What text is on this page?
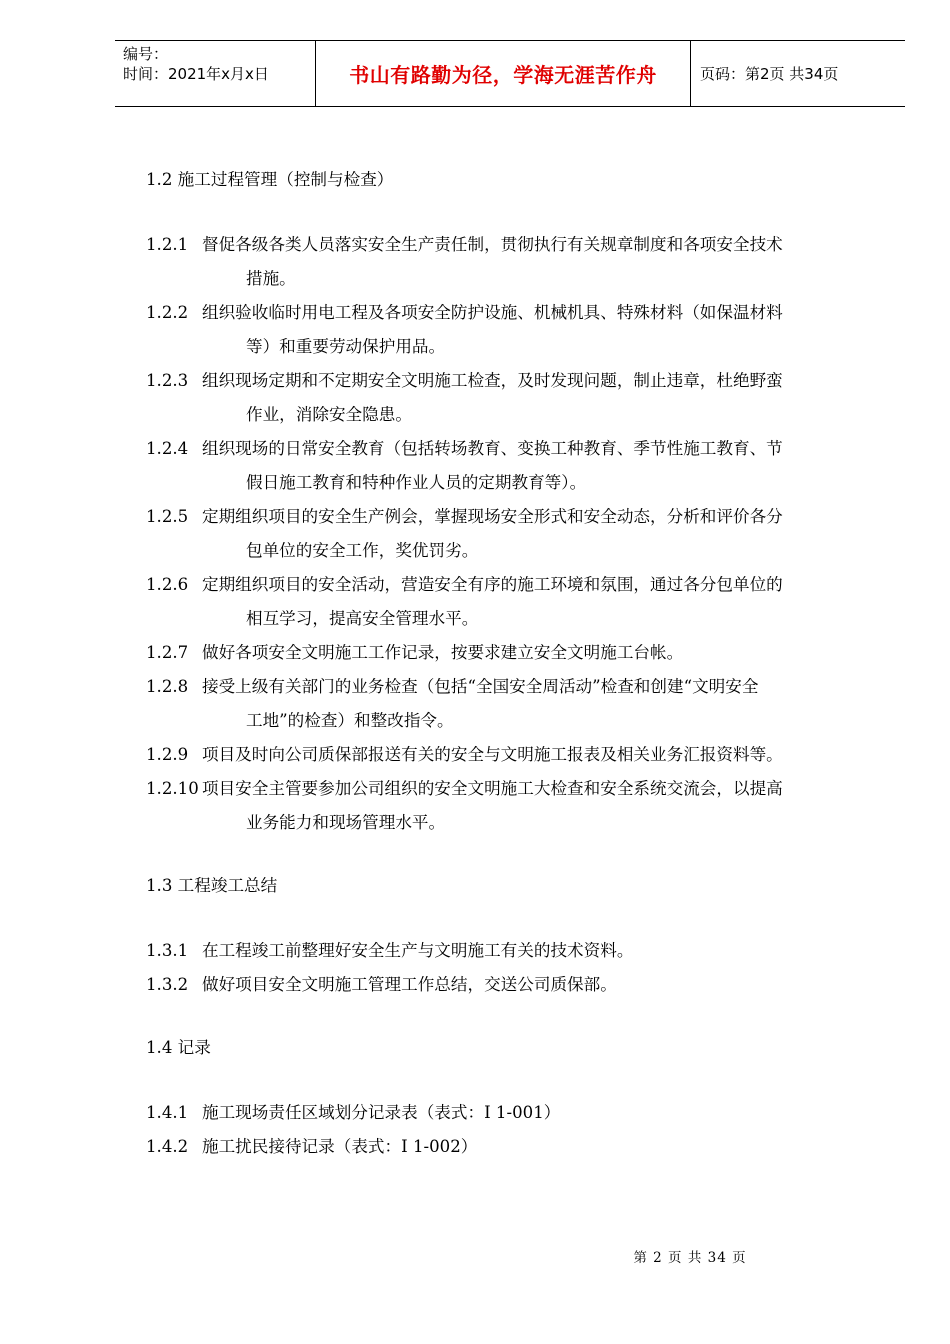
编号：
时间：2021年x月x日	书山有路勤为径，学海无涯苦作舟	页码：第2页 共34页

1.2 施工过程管理（控制与检查）

1.2.1 督促各级各类人员落实安全生产责任制，贯彻执行有关规章制度和各项安全技术
措施。
1.2.2 组织验收临时用电工程及各项安全防护设施、机械机具、特殊材料（如保温材料
等）和重要劳动保护用品。
1.2.3 组织现场定期和不定期安全文明施工检查，及时发现问题，制止违章，杜绝野蛮
作业，消除安全隐患。
1.2.4 组织现场的日常安全教育（包括转场教育、变换工种教育、季节性施工教育、节
假日施工教育和特种作业人员的定期教育等）。
1.2.5 定期组织项目的安全生产例会，掌握现场安全形式和安全动态，分析和评价各分
包单位的安全工作，奖优罚劣。
1.2.6 定期组织项目的安全活动，营造安全有序的施工环境和氛围，通过各分包单位的
相互学习，提高安全管理水平。
1.2.7 做好各项安全文明施工工作记录，按要求建立安全文明施工台帐。
1.2.8 接受上级有关部门的业务检查（包括“全国安全周活动”检查和创建“文明安全
工地”的检查）和整改指令。
1.2.9 项目及时向公司质保部报送有关的安全与文明施工报表及相关业务汇报资料等。
1.2.10 项目安全主管要参加公司组织的安全文明施工大检查和安全系统交流会，以提高
业务能力和现场管理水平。

1.3 工程竣工总结

1.3.1 在工程竣工前整理好安全生产与文明施工有关的技术资料。
1.3.2 做好项目安全文明施工管理工作总结，交送公司质保部。

1.4 记录

1.4.1 施工现场责任区域划分记录表（表式：Ⅰ 1-001）
1.4.2 施工扰民接待记录（表式：Ⅰ 1-002）
第 2 页 共 34 页
